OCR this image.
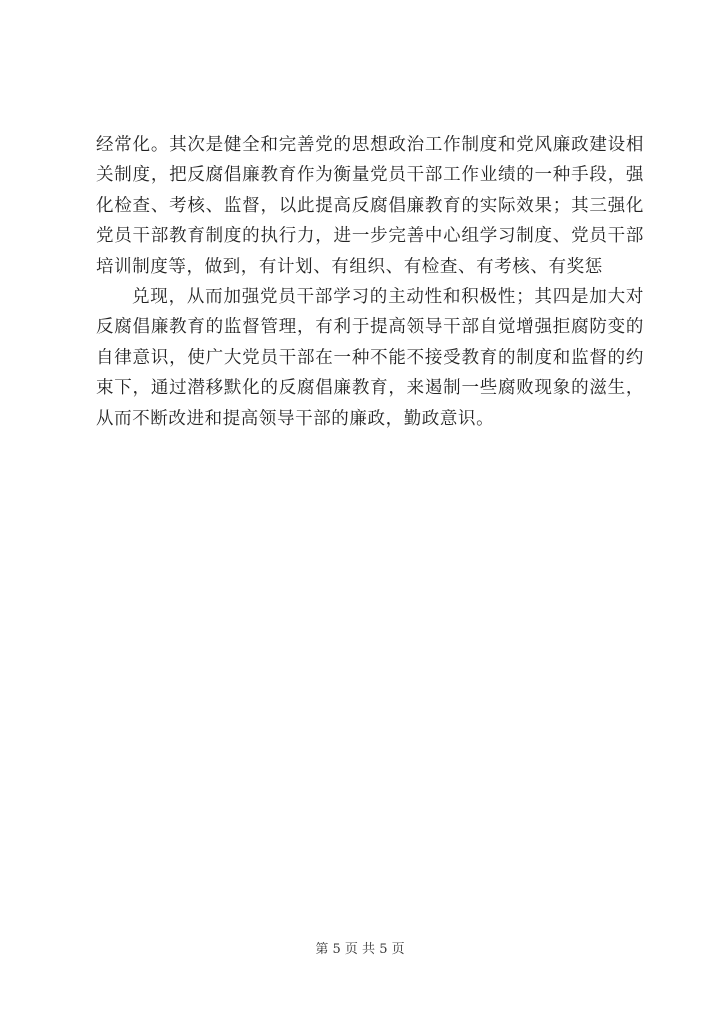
经常化。其次是健全和完善党的思想政治工作制度和党风廉政建设相关制度，把反腐倡廉教育作为衡量党员干部工作业绩的一种手段，强化检查、考核、监督，以此提高反腐倡廉教育的实际效果；其三强化党员干部教育制度的执行力，进一步完善中心组学习制度、党员干部培训制度等，做到，有计划、有组织、有检查、有考核、有奖惩

兑现，从而加强党员干部学习的主动性和积极性；其四是加大对反腐倡廉教育的监督管理，有利于提高领导干部自觉增强拒腐防变的自律意识，使广大党员干部在一种不能不接受教育的制度和监督的约束下，通过潜移默化的反腐倡廉教育，来遏制一些腐败现象的滋生，从而不断改进和提高领导干部的廉政，勤政意识。

第 5 页 共 5 页
